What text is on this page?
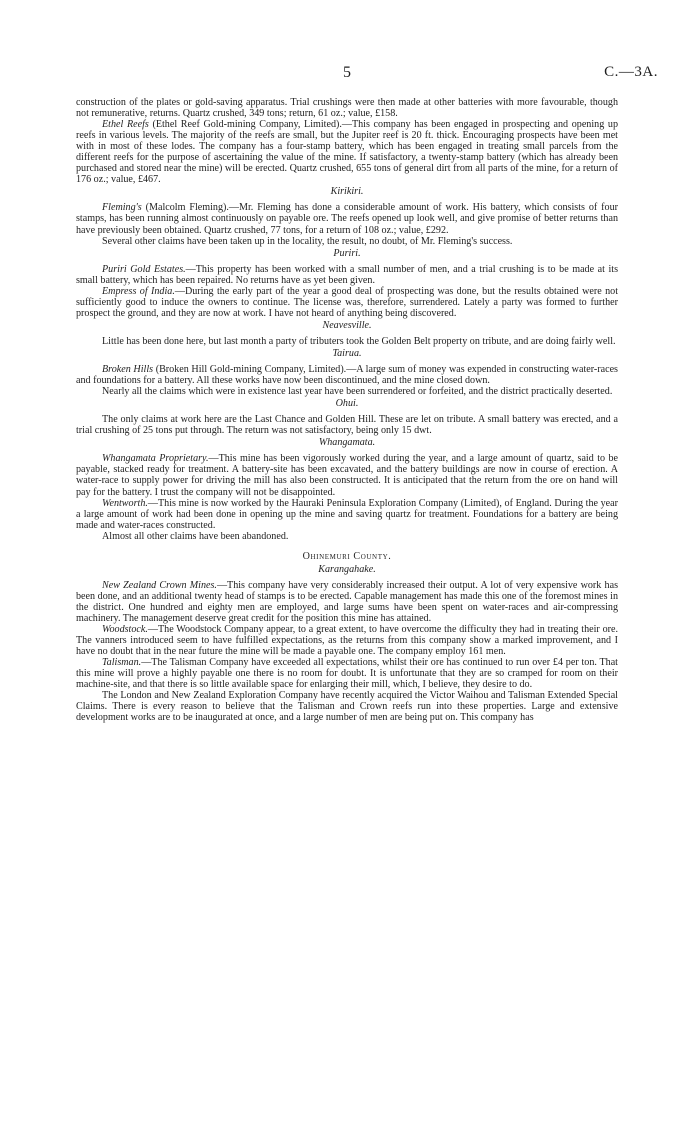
5	C.—3A.

construction of the plates or gold-saving apparatus. Trial crushings were then made at other batteries with more favourable, though not remunerative, returns. Quartz crushed, 349 tons; return, 61 oz.; value, £158.

Ethel Reefs (Ethel Reef Gold-mining Company, Limited).—This company has been engaged in prospecting and opening up reefs in various levels. The majority of the reefs are small, but the Jupiter reef is 20 ft. thick. Encouraging prospects have been met with in most of these lodes. The company has a four-stamp battery, which has been engaged in treating small parcels from the different reefs for the purpose of ascertaining the value of the mine. If satisfactory, a twenty-stamp battery (which has already been purchased and stored near the mine) will be erected. Quartz crushed, 655 tons of general dirt from all parts of the mine, for a return of 176 oz.; value, £467.

Kirikiri.

Fleming's (Malcolm Fleming).—Mr. Fleming has done a considerable amount of work. His battery, which consists of four stamps, has been running almost continuously on payable ore. The reefs opened up look well, and give promise of better returns than have previously been obtained. Quartz crushed, 77 tons, for a return of 108 oz.; value, £292.

Several other claims have been taken up in the locality, the result, no doubt, of Mr. Fleming's success.

Puriri.

Puriri Gold Estates.—This property has been worked with a small number of men, and a trial crushing is to be made at its small battery, which has been repaired. No returns have as yet been given.

Empress of India.—During the early part of the year a good deal of prospecting was done, but the results obtained were not sufficiently good to induce the owners to continue. The license was, therefore, surrendered. Lately a party was formed to further prospect the ground, and they are now at work. I have not heard of anything being discovered.

Neavesville.

Little has been done here, but last month a party of tributers took the Golden Belt property on tribute, and are doing fairly well.

Tairua.

Broken Hills (Broken Hill Gold-mining Company, Limited).—A large sum of money was expended in constructing water-races and foundations for a battery. All these works have now been discontinued, and the mine closed down.

Nearly all the claims which were in existence last year have been surrendered or forfeited, and the district practically deserted.

Ohui.

The only claims at work here are the Last Chance and Golden Hill. These are let on tribute. A small battery was erected, and a trial crushing of 25 tons put through. The return was not satisfactory, being only 15 dwt.

Whangamata.

Whangamata Proprietary.—This mine has been vigorously worked during the year, and a large amount of quartz, said to be payable, stacked ready for treatment. A battery-site has been excavated, and the battery buildings are now in course of erection. A water-race to supply power for driving the mill has also been constructed. It is anticipated that the return from the ore on hand will pay for the battery. I trust the company will not be disappointed.

Wentworth.—This mine is now worked by the Hauraki Peninsula Exploration Company (Limited), of England. During the year a large amount of work had been done in opening up the mine and saving quartz for treatment. Foundations for a battery are being made and water-races constructed.

Almost all other claims have been abandoned.

Ohinemuri County.

Karangahake.

New Zealand Crown Mines.—This company have very considerably increased their output. A lot of very expensive work has been done, and an additional twenty head of stamps is to be erected. Capable management has made this one of the foremost mines in the district. One hundred and eighty men are employed, and large sums have been spent on water-races and air-compressing machinery. The management deserve great credit for the position this mine has attained.

Woodstock.—The Woodstock Company appear, to a great extent, to have overcome the difficulty they had in treating their ore. The vanners introduced seem to have fulfilled expectations, as the returns from this company show a marked improvement, and I have no doubt that in the near future the mine will be made a payable one. The company employ 161 men.

Talisman.—The Talisman Company have exceeded all expectations, whilst their ore has continued to run over £4 per ton. That this mine will prove a highly payable one there is no room for doubt. It is unfortunate that they are so cramped for room on their machine-site, and that there is so little available space for enlarging their mill, which, I believe, they desire to do.

The London and New Zealand Exploration Company have recently acquired the Victor Waihou and Talisman Extended Special Claims. There is every reason to believe that the Talisman and Crown reefs run into these properties. Large and extensive development works are to be inaugurated at once, and a large number of men are being put on. This company has
